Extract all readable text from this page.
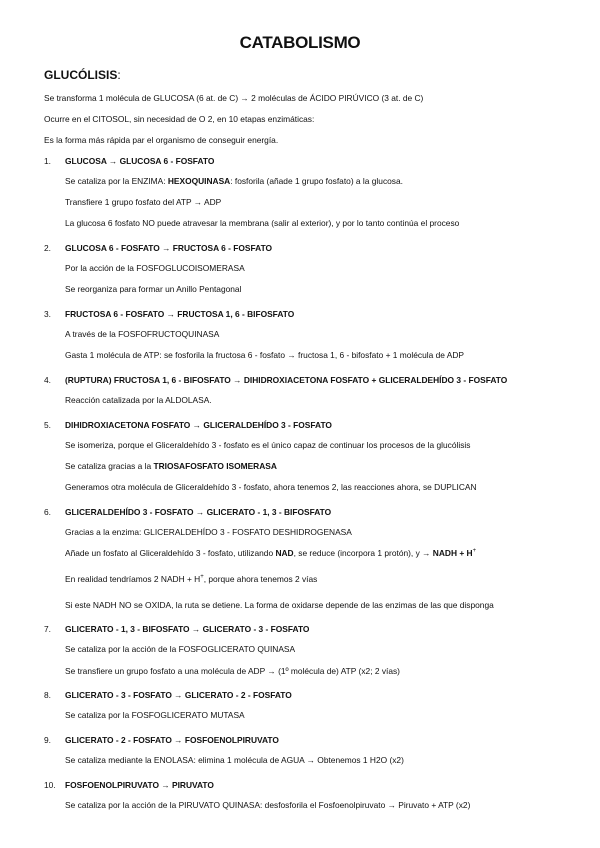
CATABOLISMO
GLUCÓLISIS:
Se transforma 1 molécula de GLUCOSA (6 at. de C) → 2 moléculas de ÁCIDO PIRÚVICO (3 at. de C)
Ocurre en el CITOSOL, sin necesidad de O 2, en 10 etapas enzimáticas:
Es la forma más rápida par el organismo de conseguir energía.
1.	GLUCOSA → GLUCOSA 6 - FOSFATO
Se cataliza por la ENZIMA: HEXOQUINASA: fosforila (añade 1 grupo fosfato) a la glucosa.
Transfiere 1 grupo fosfato del ATP → ADP
La glucosa 6 fosfato NO puede atravesar la membrana (salir al exterior), y por lo tanto continúa el proceso
2.	GLUCOSA 6 - FOSFATO → FRUCTOSA 6 - FOSFATO
Por la acción de la FOSFOGLUCOISOMERASA
Se reorganiza para formar un Anillo Pentagonal
3.	FRUCTOSA 6 - FOSFATO → FRUCTOSA 1, 6 - BIFOSFATO
A través de la FOSFOFRUCTOQUINASA
Gasta 1 molécula de ATP: se fosforila la fructosa 6 - fosfato → fructosa 1, 6 - bifosfato + 1 molécula de ADP
4.	(RUPTURA) FRUCTOSA 1, 6 - BIFOSFATO → DIHIDROXIACETONA FOSFATO + GLICERALDEHÍDO 3 - FOSFATO
Reacción catalizada por la ALDOLASA.
5.	DIHIDROXIACETONA FOSFATO → GLICERALDEHÍDO 3 - FOSFATO
Se isomeriza, porque el Gliceraldehído 3 - fosfato es el único capaz de continuar los procesos de la glucólisis
Se cataliza gracias a la TRIOSAFOSFATO ISOMERASA
Generamos otra molécula de Gliceraldehído 3 - fosfato, ahora tenemos 2, las reacciones ahora, se DUPLICAN
6.	GLICERALDEHÍDO 3 - FOSFATO → GLICERATO - 1, 3 - BIFOSFATO
Gracias a la enzima: GLICERALDEHÍDO 3 - FOSFATO DESHIDROGENASA
Añade un fosfato al Gliceraldehído 3 - fosfato, utilizando NAD, se reduce (incorpora 1 protón), y → NADH + H+
En realidad tendríamos 2 NADH + H+, porque ahora tenemos 2 vías
Si este NADH NO se OXIDA, la ruta se detiene. La forma de oxidarse depende de las enzimas de las que disponga
7.	GLICERATO - 1, 3 - BIFOSFATO → GLICERATO - 3 - FOSFATO
Se cataliza por la acción de la FOSFOGLICERATO QUINASA
Se transfiere un grupo fosfato a una molécula de ADP → (1º molécula de) ATP (x2; 2 vías)
8.	GLICERATO - 3 - FOSFATO → GLICERATO - 2 - FOSFATO
Se cataliza por la FOSFOGLICERATO MUTASA
9.	GLICERATO - 2 - FOSFATO → FOSFOENOLPIRUVATO
Se cataliza mediante la ENOLASA: elimina 1 molécula de AGUA → Obtenemos 1 H2O (x2)
10.	FOSFOENOLPIRUVATO → PIRUVATO
Se cataliza por la acción de la PIRUVATO QUINASA: desfosforila el Fosfoenolpiruvato → Piruvato + ATP (x2)
